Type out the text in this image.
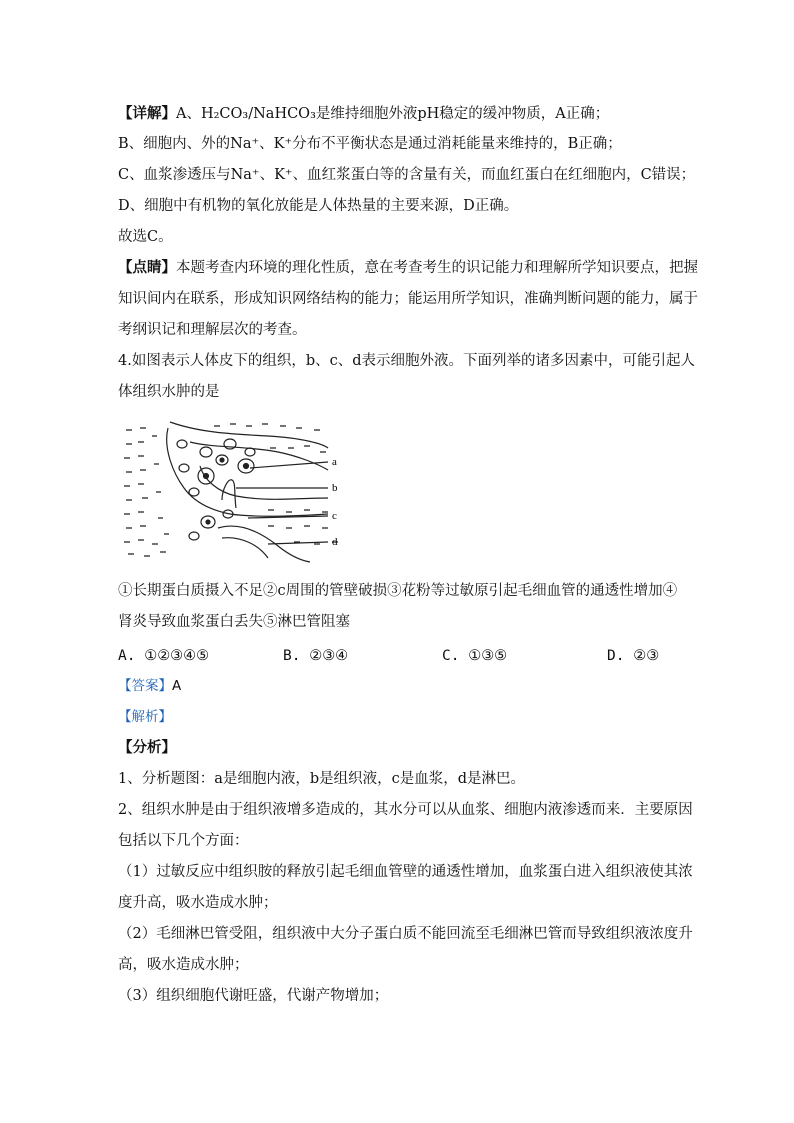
【详解】A、H₂CO₃/NaHCO₃是维持细胞外液pH稳定的缓冲物质，A正确；
B、细胞内、外的Na⁺、K⁺分布不平衡状态是通过消耗能量来维持的，B正确；
C、血浆渗透压与Na⁺、K⁺、血红浆蛋白等的含量有关，而血红蛋白在红细胞内，C错误；
D、细胞中有机物的氧化放能是人体热量的主要来源，D正确。
故选C。
【点睛】本题考查内环境的理化性质，意在考查考生的识记能力和理解所学知识要点，把握
知识间内在联系，形成知识网络结构的能力；能运用所学知识，准确判断问题的能力，属于
考纲识记和理解层次的考查。
4.如图表示人体皮下的组织，b、c、d表示细胞外液。下面列举的诸多因素中，可能引起人
体组织水肿的是
a
b
c
d
①长期蛋白质摄入不足②c周围的管壁破损③花粉等过敏原引起毛细血管的通透性增加④
肾炎导致血浆蛋白丢失⑤淋巴管阻塞
A. ①②③④⑤	B. ②③④	C. ①③⑤	D. ②③
【答案】A
【解析】
【分析】
1、分析题图：a是细胞内液，b是组织液，c是血浆，d是淋巴。
2、组织水肿是由于组织液增多造成的，其水分可以从血浆、细胞内液渗透而来．主要原因
包括以下几个方面：
（1）过敏反应中组织胺的释放引起毛细血管壁的通透性增加，血浆蛋白进入组织液使其浓
度升高，吸水造成水肿；
（2）毛细淋巴管受阻，组织液中大分子蛋白质不能回流至毛细淋巴管而导致组织液浓度升
高，吸水造成水肿；
（3）组织细胞代谢旺盛，代谢产物增加；
